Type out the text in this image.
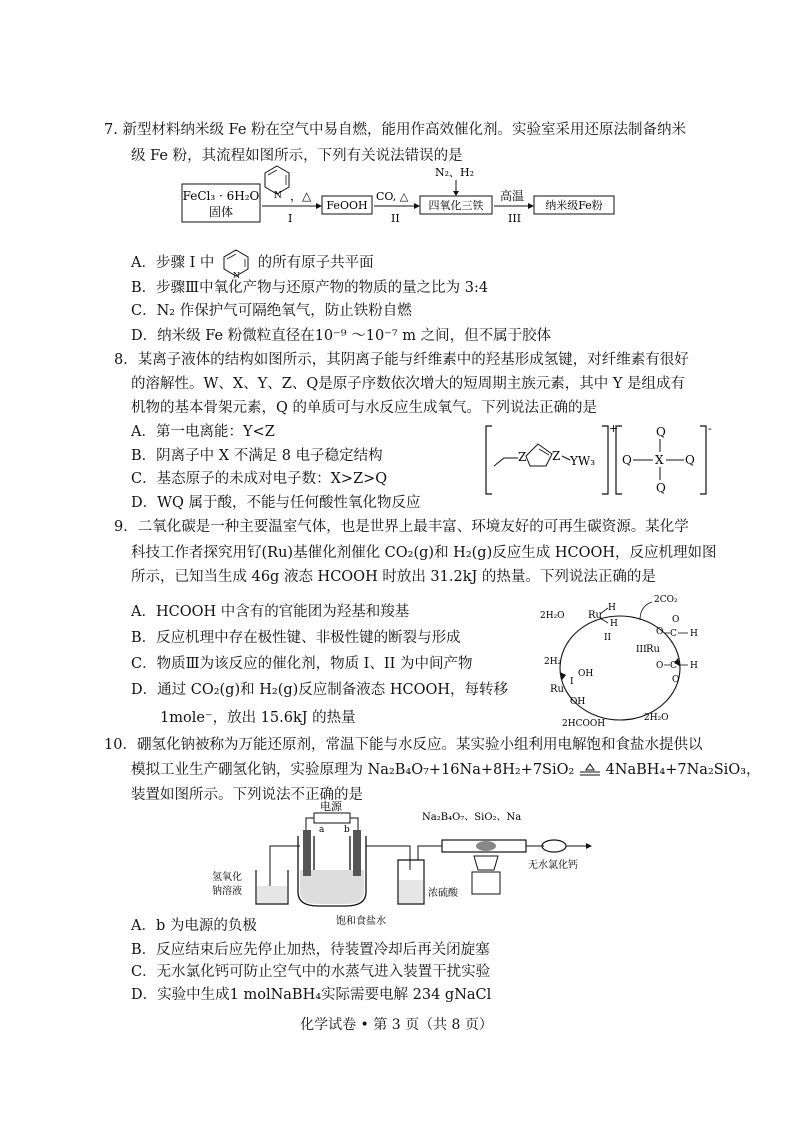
7. 新型材料纳米级 Fe 粉在空气中易自燃，能用作高效催化剂。实验室采用还原法制备纳米
级 Fe 粉，其流程如图所示，下列有关说法错误的是
FeCl₃ · 6H₂O
固体
N ，△
I
FeOOH
CO, △
II
N₂、H₂
四氧化三铁
高温
III
纳米级Fe粉
A．步骤 I 中
N
的所有原子共平面
B．步骤Ⅲ中氧化产物与还原产物的物质的量之比为 3:4
C．N₂ 作保护气可隔绝氧气，防止铁粉自燃
D．纳米级 Fe 粉微粒直径在10⁻⁹ ～10⁻⁷ m 之间，但不属于胶体
8．某离子液体的结构如图所示，其阴离子能与纤维素中的羟基形成氢键，对纤维素有很好
的溶解性。W、X、Y、Z、Q是原子序数依次增大的短周期主族元素，其中 Y 是组成有
机物的基本骨架元素，Q 的单质可与水反应生成氧气。下列说法正确的是
A．第一电离能：Y<Z
B．阴离子中 X 不满足 8 电子稳定结构
C．基态原子的未成对电子数：X>Z>Q
D．WQ 属于酸，不能与任何酸性氧化物反应
Z Z YW₃
+	Q
Q X Q
Q
-
9．二氧化碳是一种主要温室气体，也是世界上最丰富、环境友好的可再生碳资源。某化学
科技工作者探究用钌(Ru)基催化剂催化 CO₂(g)和 H₂(g)反应生成 HCOOH，反应机理如图
所示，已知当生成 46g 液态 HCOOH 时放出 31.2kJ 的热量。下列说法正确的是
A．HCOOH 中含有的官能团为羟基和羧基
B．反应机理中存在极性键、非极性键的断裂与形成
C．物质Ⅲ为该反应的催化剂，物质 I、II 为中间产物
D．通过 CO₂(g)和 H₂(g)反应制备液态 HCOOH，每转移
1mole⁻，放出 15.6kJ 的热量
Ru
H
H
II
2H₂O
2CO₂
2H₂
Ru
I
OH
OH
2HCOOH
2H₂O
III Ru
O C
O
H
O C
O
H
10．硼氢化钠被称为万能还原剂，常温下能与水反应。某实验小组利用电解饱和食盐水提供以
模拟工业生产硼氢化钠，实验原理为 Na₂B₄O₇+16Na+8H₂+7SiO₂ 4NaBH₄+7Na₂SiO₃，
装置如图所示。下列说法不正确的是
电源
a b
饱和食盐水
氢氧化
钠溶液	浓硫酸
Na₂B₄O₇、SiO₂、Na
无水氯化钙
A．b 为电源的负极
B．反应结束后应先停止加热，待装置冷却后再关闭旋塞
C．无水氯化钙可防止空气中的水蒸气进入装置干扰实验
D．实验中生成1 molNaBH₄实际需要电解 234 gNaCl
化学试卷 • 第 3 页（共 8 页）
